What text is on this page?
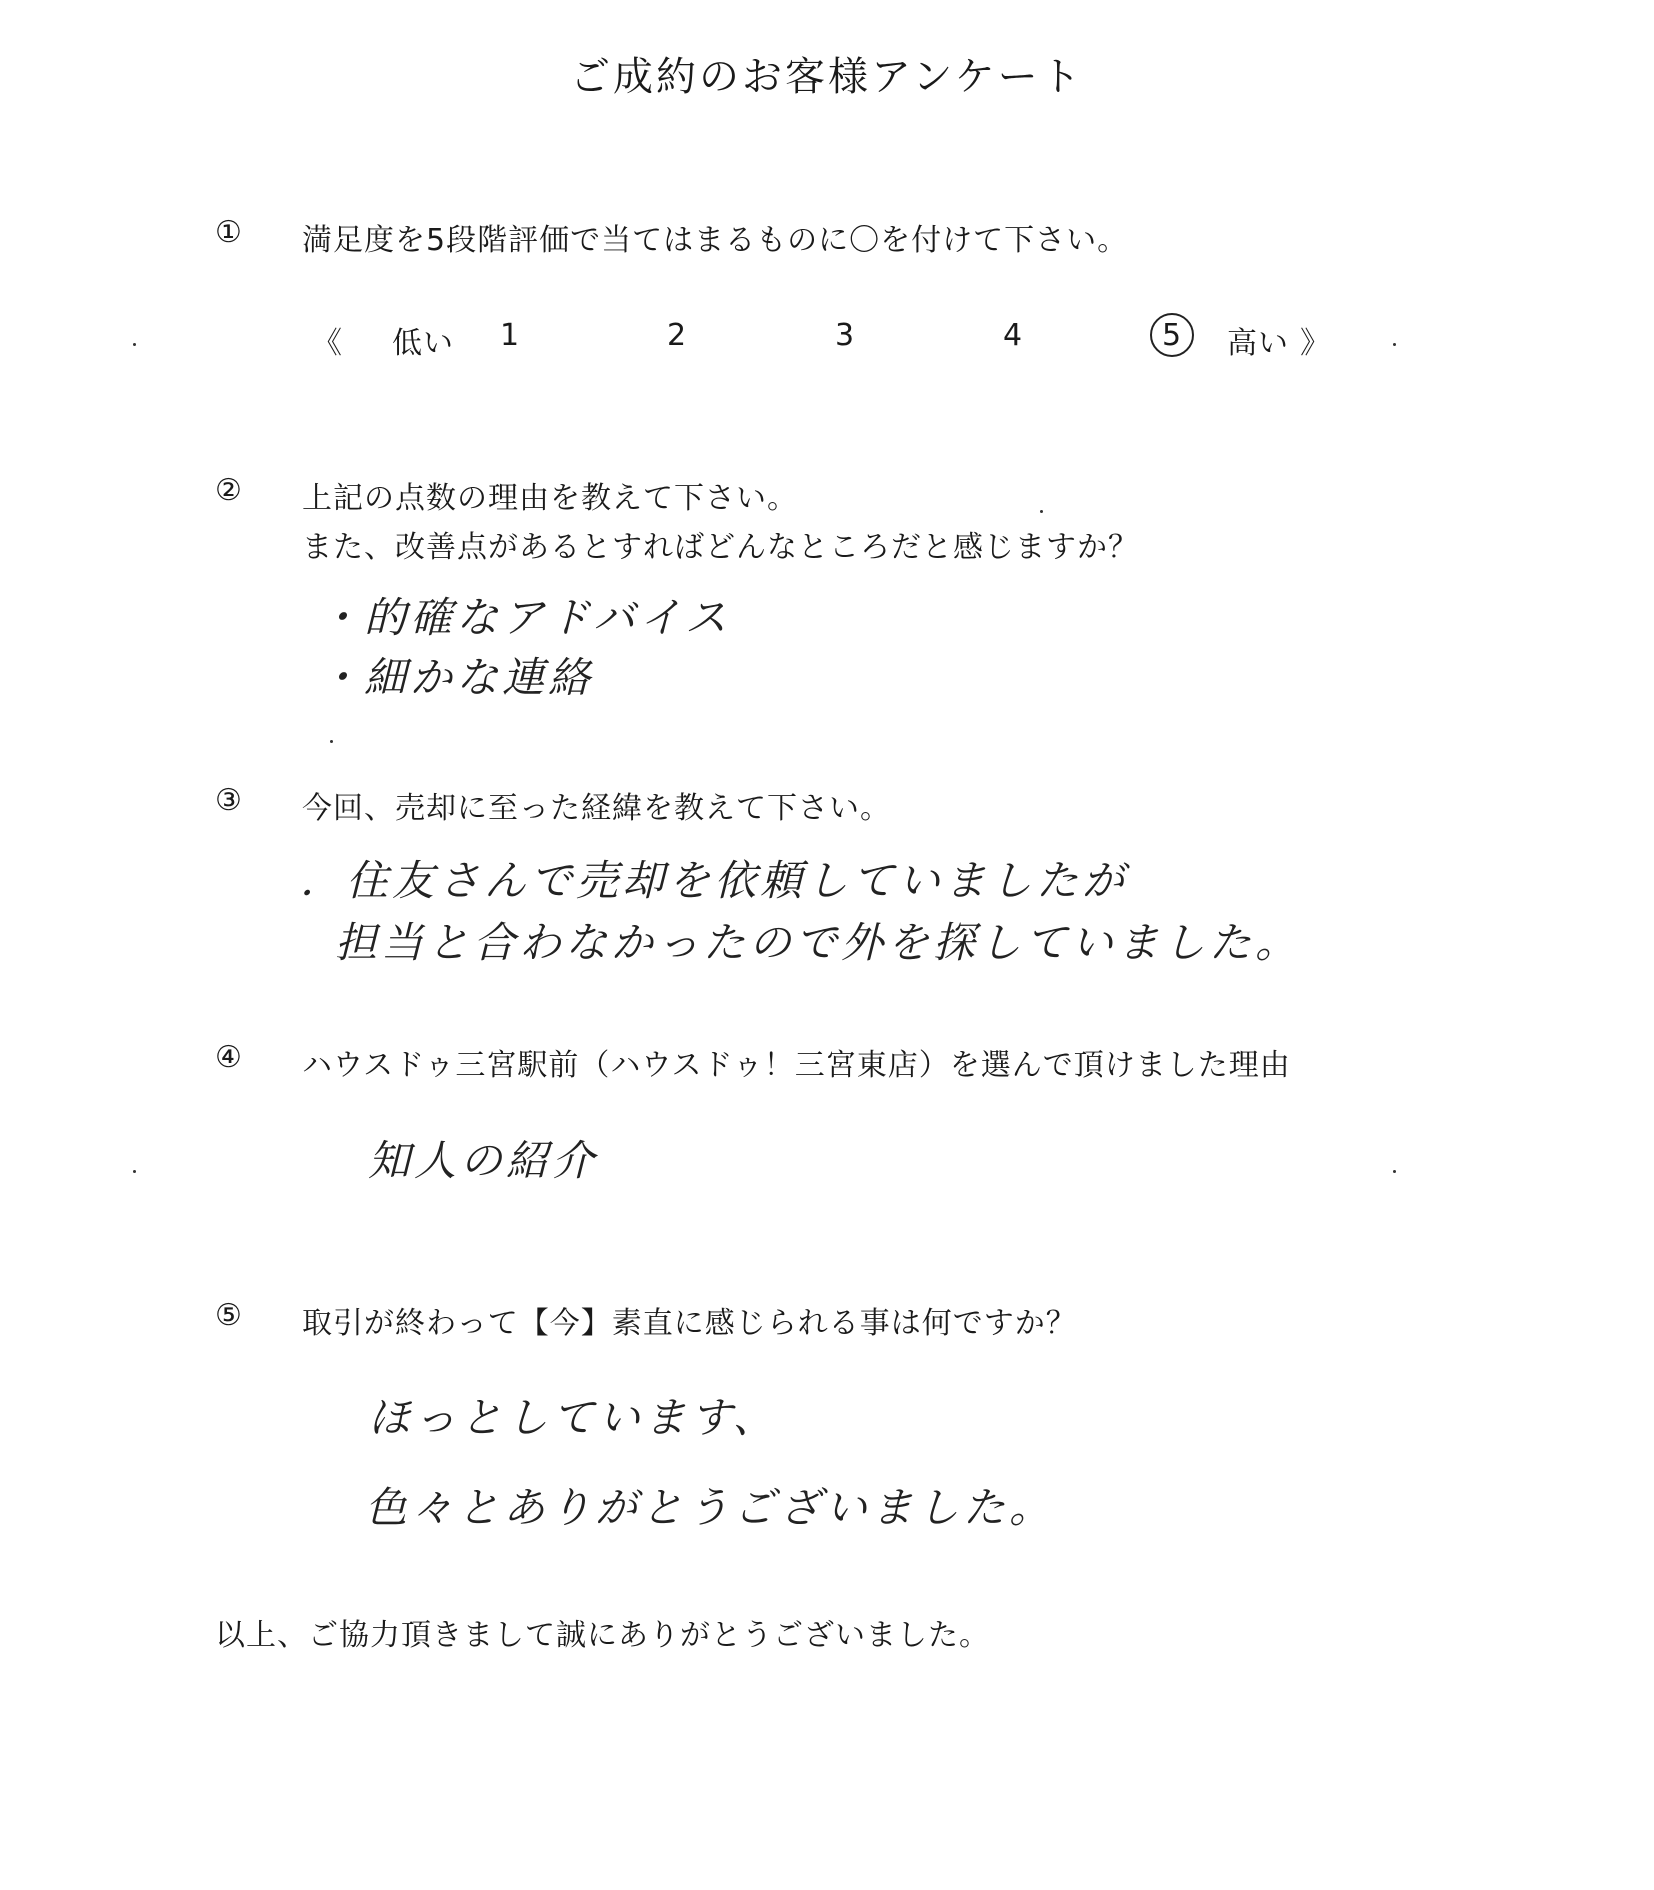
ご成約のお客様アンケート
① 満足度を5段階評価で当てはまるものに〇を付けて下さい。
《 低い 1	2	3	4	5 高い 》
② 上記の点数の理由を教えて下さい。
また、改善点があるとすればどんなところだと感じますか？
・的確なアドバイス
・細かな連絡
③ 今回、売却に至った経緯を教えて下さい。
．住友さんで売却を依頼していましたが
担当と合わなかったので外を探していました。
④ ハウスドゥ三宮駅前（ハウスドゥ！三宮東店）を選んで頂けました理由
知人の紹介
⑤ 取引が終わって【今】素直に感じられる事は何ですか？
ほっとしています、
色々とありがとうございました。
以上、ご協力頂きまして誠にありがとうございました。
